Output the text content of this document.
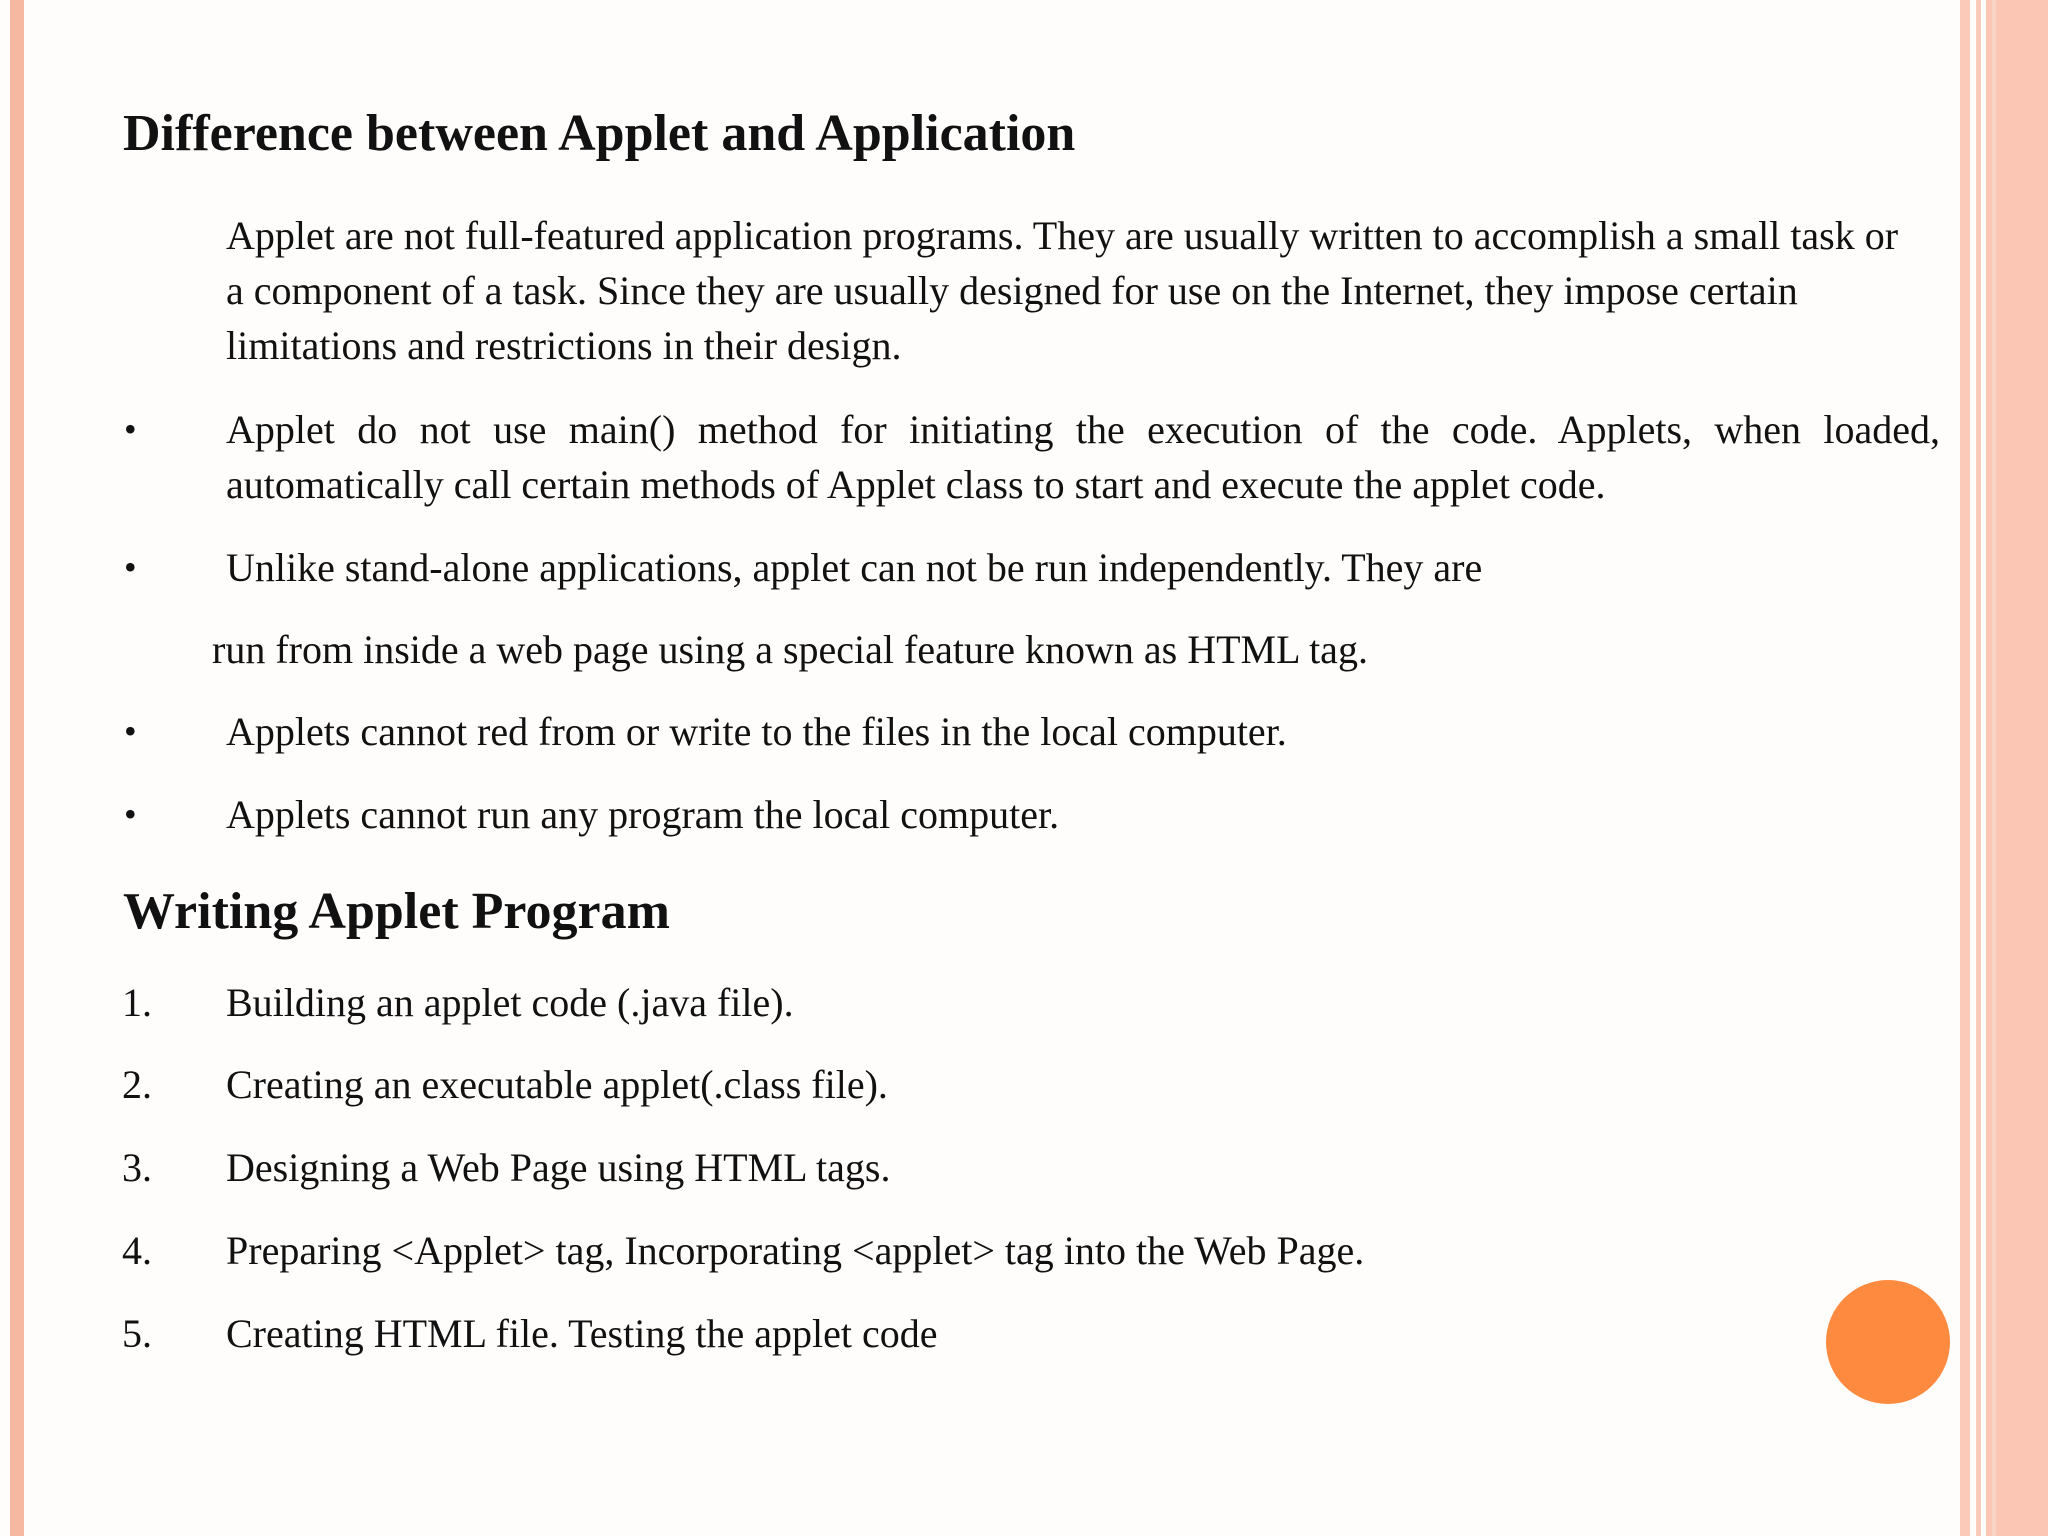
Difference between Applet and Application

Applet are not full-featured application programs. They are usually written to accomplish a small task or a component of a task. Since they are usually designed for use on the Internet, they impose certain limitations and restrictions in their design.

• Applet do not use main() method for initiating the execution of the code. Applets, when loaded, automatically call certain methods of Applet class to start and execute the applet code.

• Unlike stand-alone applications, applet can not be run independently. They are
run from inside a web page using a special feature known as HTML tag.
• Applets cannot red from or write to the files in the local computer.
• Applets cannot run any program the local computer.
Writing Applet Program
1. Building an applet code (.java file).
2. Creating an executable applet(.class file).
3. Designing a Web Page using HTML tags.
4. Preparing <Applet> tag, Incorporating <applet> tag into the Web Page.
5. Creating HTML file. Testing the applet code
